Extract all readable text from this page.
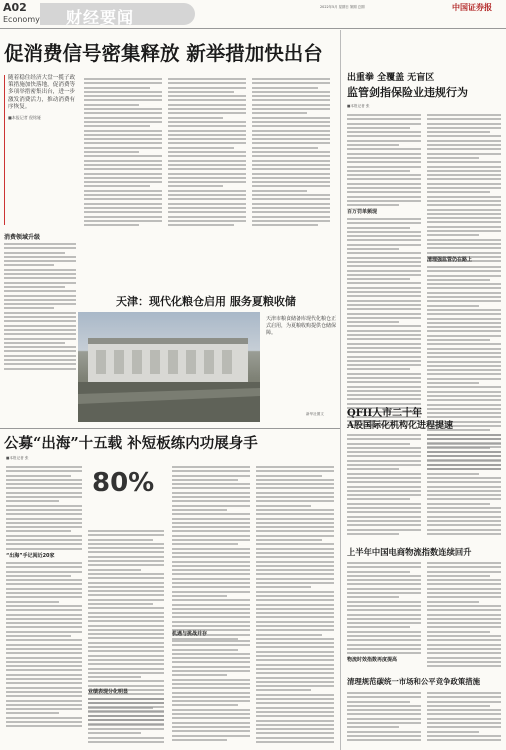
A02
Economy 财经要闻
2022年5月 星期日 第期 总期	中国证券报
促消费信号密集释放 新举措加快出台
随着稳住经济大盘一揽子政策措施加快落地，促消费等多项举措密集出台，进一步激发消费活力，推动消费有序恢复。
■本报记者 倪铭娅
消费领域升级
出重拳 全覆盖 无盲区
监管剑指保险业违规行为
■本报记者 张
百万罚单频现
清理强监管仍在路上
天津：现代化粮仓启用 服务夏粮收储
天津市粮食储备库现代化粮仓正式启用，为夏粮收购提供仓储保障。
新华社图文
公募“出海”十五载 补短板练内功展身手
■本报记者 张
“出海”手记阅近20家
80%
业绩表现分化明显
机遇与挑战并存
QFII人市二十年
A股国际化机构化进程提速
上半年中国电商物流指数连续回升
物流时效指数再度提高
清理规范碳统一市场和公平竞争政策措施
